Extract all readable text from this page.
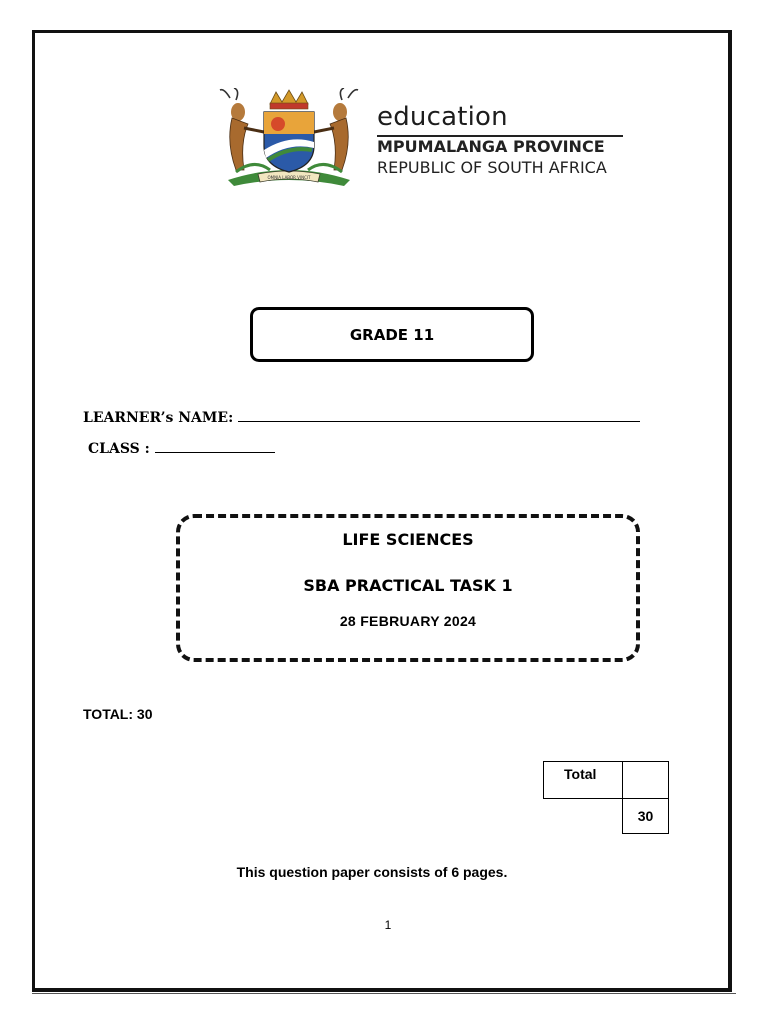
OMNIA LABOR VINCIT
education
MPUMALANGA PROVINCE
REPUBLIC OF SOUTH AFRICA
GRADE 11
LEARNER’s NAME:
CLASS :
LIFE SCIENCES
SBA PRACTICAL TASK 1
28 FEBRUARY 2024
TOTAL: 30
Total	
	30
This question paper consists of 6 pages.
1
